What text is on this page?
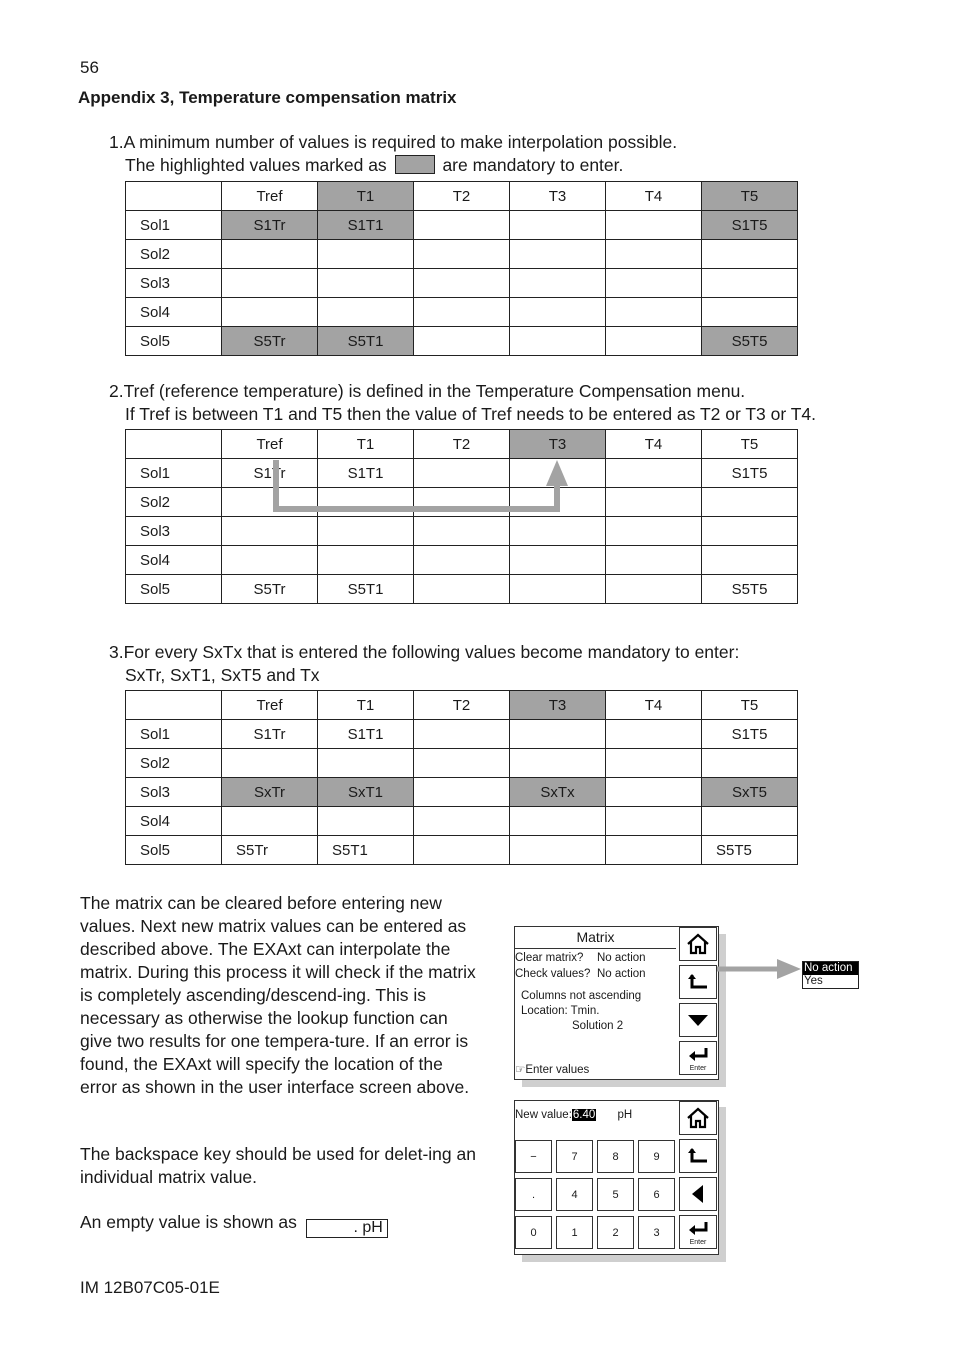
56
Appendix 3, Temperature compensation matrix
1.A minimum number of values is required to make interpolation possible.
The highlighted values marked as	are mandatory to enter.
	Tref	T1	T2	T3	T4	T5
Sol1	S1Tr	S1T1				S1T5
Sol2						
Sol3						
Sol4						
Sol5	S5Tr	S5T1				S5T5
2.Tref (reference temperature) is defined in the Temperature Compensation menu.
If Tref is between T1 and T5 then the value of Tref needs to be entered as T2 or T3 or T4.
	Tref	T1	T2	T3	T4	T5
Sol1	S1Tr	S1T1				S1T5
Sol2						
Sol3						
Sol4						
Sol5	S5Tr	S5T1				S5T5
3.For every SxTx that is entered the following values become mandatory to enter:
SxTr, SxT1, SxT5 and Tx
	Tref	T1	T2	T3	T4	T5
Sol1	S1Tr	S1T1				S1T5
Sol2						
Sol3	SxTr	SxT1		SxTx		SxT5
Sol4						
Sol5	S5Tr	S5T1				S5T5
The matrix can be cleared before entering new values. Next new matrix values can be entered as described above. The EXAxt can interpolate the matrix. During this process it will check if the matrix is completely ascending/descend-ing. This is necessary as otherwise the lookup function can give two results for one tempera-ture. If an error is found, the EXAxt will specify the location of the error as shown in the user interface screen above.
The backspace key should be used for delet-ing an individual matrix value.
An empty value is shown as	. pH
IM 12B07C05-01E
Matrix
Clear matrix? No action
Check values? No action
Columns not ascending
Location: Tmin.
Solution 2
☞Enter values	Enter
No action
Yes
New value:6.40 pH
Enter
−	7	8	9
.	4	5	6
0	1	2	3
